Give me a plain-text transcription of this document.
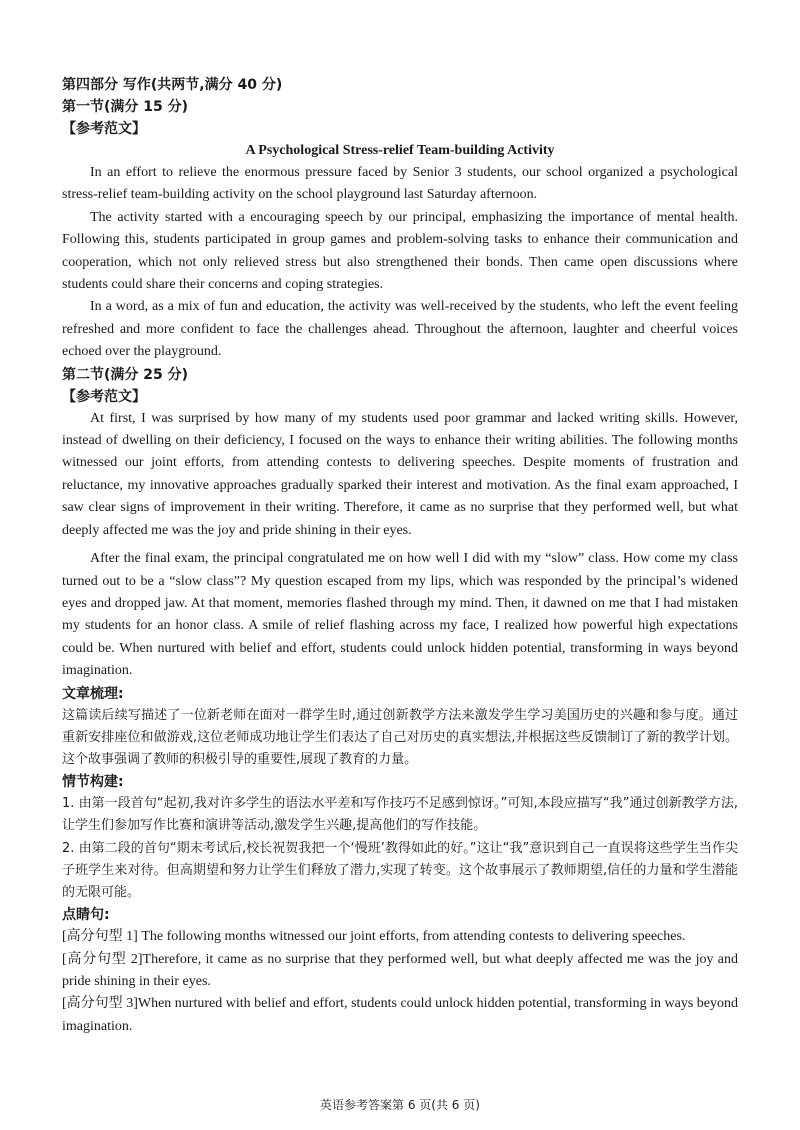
第四部分 写作(共两节,满分 40 分)

第一节(满分 15 分)

【参考范文】

A Psychological Stress-relief Team-building Activity

In an effort to relieve the enormous pressure faced by Senior 3 students, our school organized a psychological stress-relief team-building activity on the school playground last Saturday afternoon.

The activity started with a encouraging speech by our principal, emphasizing the importance of mental health. Following this, students participated in group games and problem-solving tasks to enhance their communication and cooperation, which not only relieved stress but also strengthened their bonds. Then came open discussions where students could share their concerns and coping strategies.

In a word, as a mix of fun and education, the activity was well-received by the students, who left the event feeling refreshed and more confident to face the challenges ahead. Throughout the afternoon, laughter and cheerful voices echoed over the playground.

第二节(满分 25 分)

【参考范文】

At first, I was surprised by how many of my students used poor grammar and lacked writing skills. However, instead of dwelling on their deficiency, I focused on the ways to enhance their writing abilities. The following months witnessed our joint efforts, from attending contests to delivering speeches. Despite moments of frustration and reluctance, my innovative approaches gradually sparked their interest and motivation. As the final exam approached, I saw clear signs of improvement in their writing. Therefore, it came as no surprise that they performed well, but what deeply affected me was the joy and pride shining in their eyes.

After the final exam, the principal congratulated me on how well I did with my “slow” class. How come my class turned out to be a “slow class”? My question escaped from my lips, which was responded by the principal’s widened eyes and dropped jaw. At that moment, memories flashed through my mind. Then, it dawned on me that I had mistaken my students for an honor class. A smile of relief flashing across my face, I realized how powerful high expectations could be. When nurtured with belief and effort, students could unlock hidden potential, transforming in ways beyond imagination.

文章梳理:

这篇读后续写描述了一位新老师在面对一群学生时,通过创新教学方法来激发学生学习美国历史的兴趣和参与度。通过重新安排座位和做游戏,这位老师成功地让学生们表达了自己对历史的真实想法,并根据这些反馈制订了新的教学计划。这个故事强调了教师的积极引导的重要性,展现了教育的力量。

情节构建:

1. 由第一段首句“起初,我对许多学生的语法水平差和写作技巧不足感到惊讶。”可知,本段应描写“我”通过创新教学方法,让学生们参加写作比赛和演讲等活动,激发学生兴趣,提高他们的写作技能。

2. 由第二段的首句“期末考试后,校长祝贺我把一个‘慢班’教得如此的好。”这让“我”意识到自己一直误将这些学生当作尖子班学生来对待。但高期望和努力让学生们释放了潜力,实现了转变。这个故事展示了教师期望,信任的力量和学生潜能的无限可能。

点睛句:

[高分句型 1] The following months witnessed our joint efforts, from attending contests to delivering speeches.

[高分句型 2]Therefore, it came as no surprise that they performed well, but what deeply affected me was the joy and pride shining in their eyes.

[高分句型 3]When nurtured with belief and effort, students could unlock hidden potential, transforming in ways beyond imagination.

英语参考答案第 6 页(共 6 页)
